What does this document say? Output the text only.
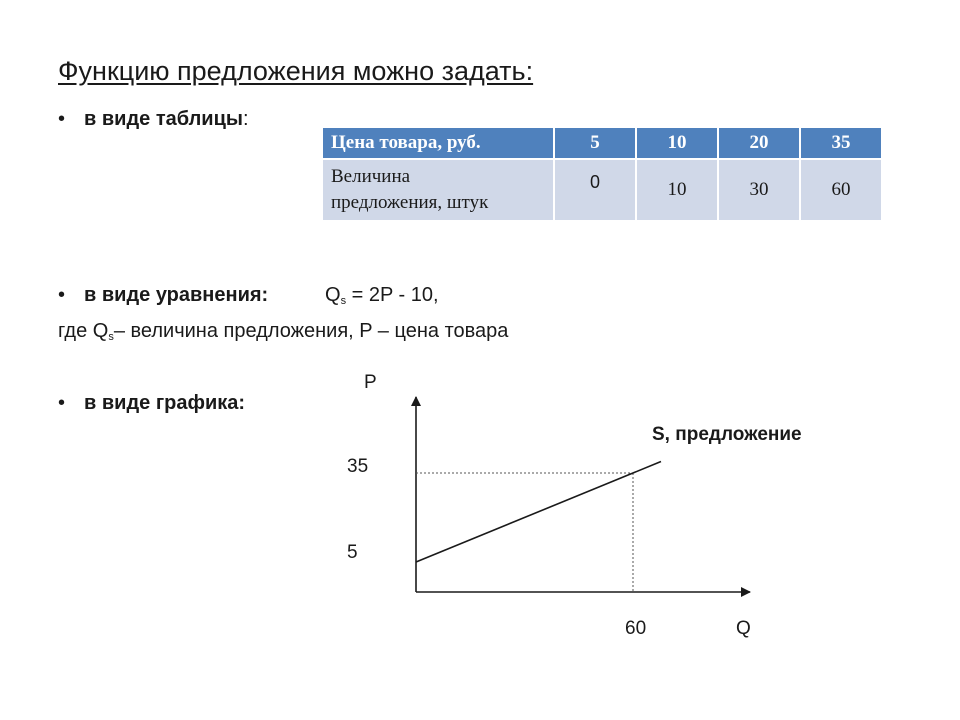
Функцию предложения можно задать:
• в виде таблицы:
Цена товара, руб.	5	10	20	35
Величина
предложения, штук	0	10	30	60
• в виде уравнения:	$Q_s = 2P - 10$,
где $Q_s-$ величина предложения, P – цена товара
• в виде графика:
P
Q
35
5
60
S, предложение
